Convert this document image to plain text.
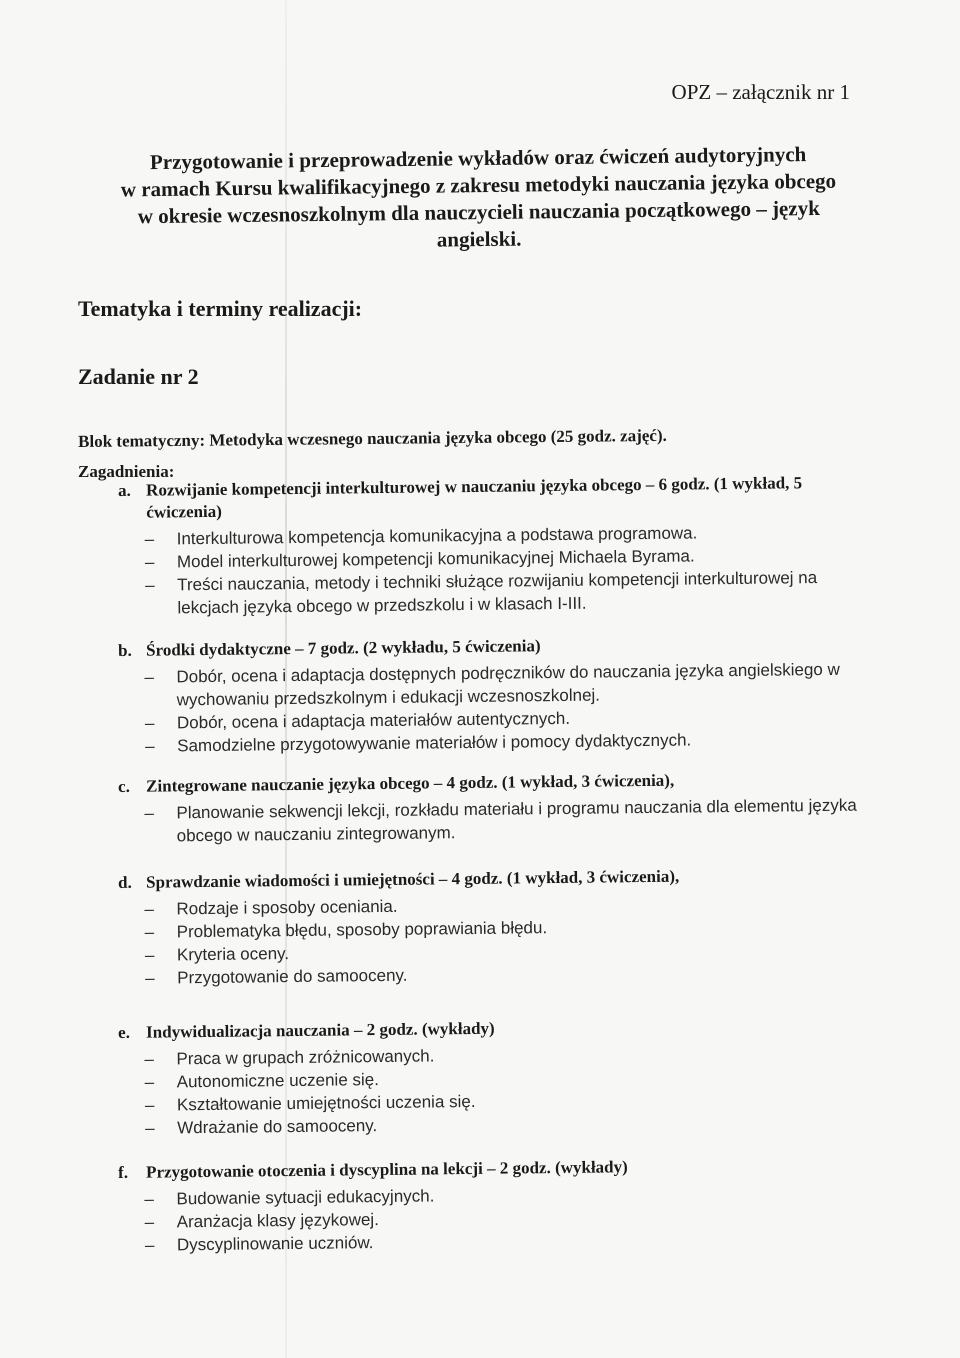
OPZ – załącznik nr 1
Przygotowanie i przeprowadzenie wykładów oraz ćwiczeń audytoryjnych
w ramach Kursu kwalifikacyjnego z zakresu metodyki nauczania języka obcego
w okresie wczesnoszkolnym dla nauczycieli nauczania początkowego – język
angielski.
Tematyka i terminy realizacji:
Zadanie nr 2
Blok tematyczny: Metodyka wczesnego nauczania języka obcego (25 godz. zajęć).
Zagadnienia:
a. Rozwijanie kompetencji interkulturowej w nauczaniu języka obcego – 6 godz. (1 wykład, 5 ćwiczenia)
– Interkulturowa kompetencja komunikacyjna a podstawa programowa.
– Model interkulturowej kompetencji komunikacyjnej Michaela Byrama.
– Treści nauczania, metody i techniki służące rozwijaniu kompetencji interkulturowej na lekcjach języka obcego w przedszkolu i w klasach I-III.
b. Środki dydaktyczne – 7 godz. (2 wykładu, 5 ćwiczenia)
– Dobór, ocena i adaptacja dostępnych podręczników do nauczania języka angielskiego w wychowaniu przedszkolnym i edukacji wczesnoszkolnej.
– Dobór, ocena i adaptacja materiałów autentycznych.
– Samodzielne przygotowywanie materiałów i pomocy dydaktycznych.
c. Zintegrowane nauczanie języka obcego – 4 godz. (1 wykład, 3 ćwiczenia),
– Planowanie sekwencji lekcji, rozkładu materiału i programu nauczania dla elementu języka obcego w nauczaniu zintegrowanym.
d. Sprawdzanie wiadomości i umiejętności – 4 godz. (1 wykład, 3 ćwiczenia),
– Rodzaje i sposoby oceniania.
– Problematyka błędu, sposoby poprawiania błędu.
– Kryteria oceny.
– Przygotowanie do samooceny.
e. Indywidualizacja nauczania – 2 godz. (wykłady)
– Praca w grupach zróżnicowanych.
– Autonomiczne uczenie się.
– Kształtowanie umiejętności uczenia się.
– Wdrażanie do samooceny.
f.	Przygotowanie otoczenia i dyscyplina na lekcji – 2 godz. (wykłady)
– Budowanie sytuacji edukacyjnych.
– Aranżacja klasy językowej.
– Dyscyplinowanie uczniów.
